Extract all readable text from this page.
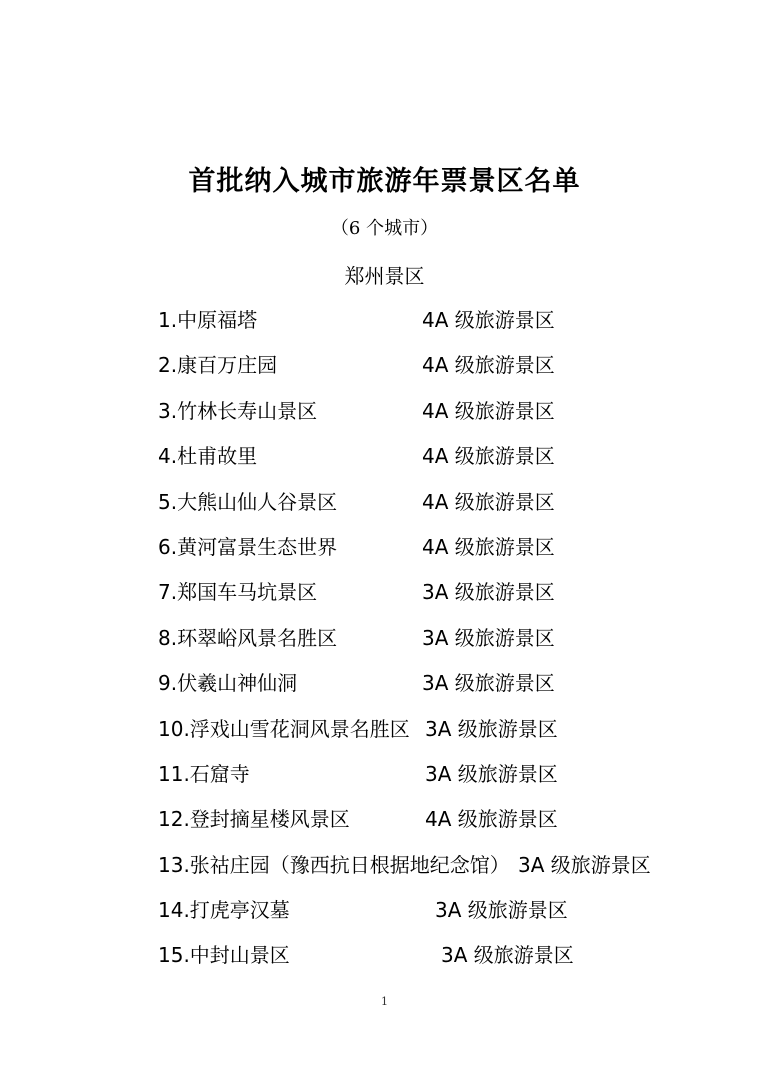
首批纳入城市旅游年票景区名单
（6 个城市）
郑州景区
1.中原福塔	4A 级旅游景区
2.康百万庄园	4A 级旅游景区
3.竹林长寿山景区	4A 级旅游景区
4.杜甫故里	4A 级旅游景区
5.大熊山仙人谷景区	4A 级旅游景区
6.黄河富景生态世界	4A 级旅游景区
7.郑国车马坑景区	3A 级旅游景区
8.环翠峪风景名胜区	3A 级旅游景区
9.伏羲山神仙洞	3A 级旅游景区
10.浮戏山雪花洞风景名胜区 3A 级旅游景区
11.石窟寺	3A 级旅游景区
12.登封摘星楼风景区	4A 级旅游景区
13.张祜庄园（豫西抗日根据地纪念馆） 3A 级旅游景区
14.打虎亭汉墓	3A 级旅游景区
15.中封山景区	3A 级旅游景区
1
